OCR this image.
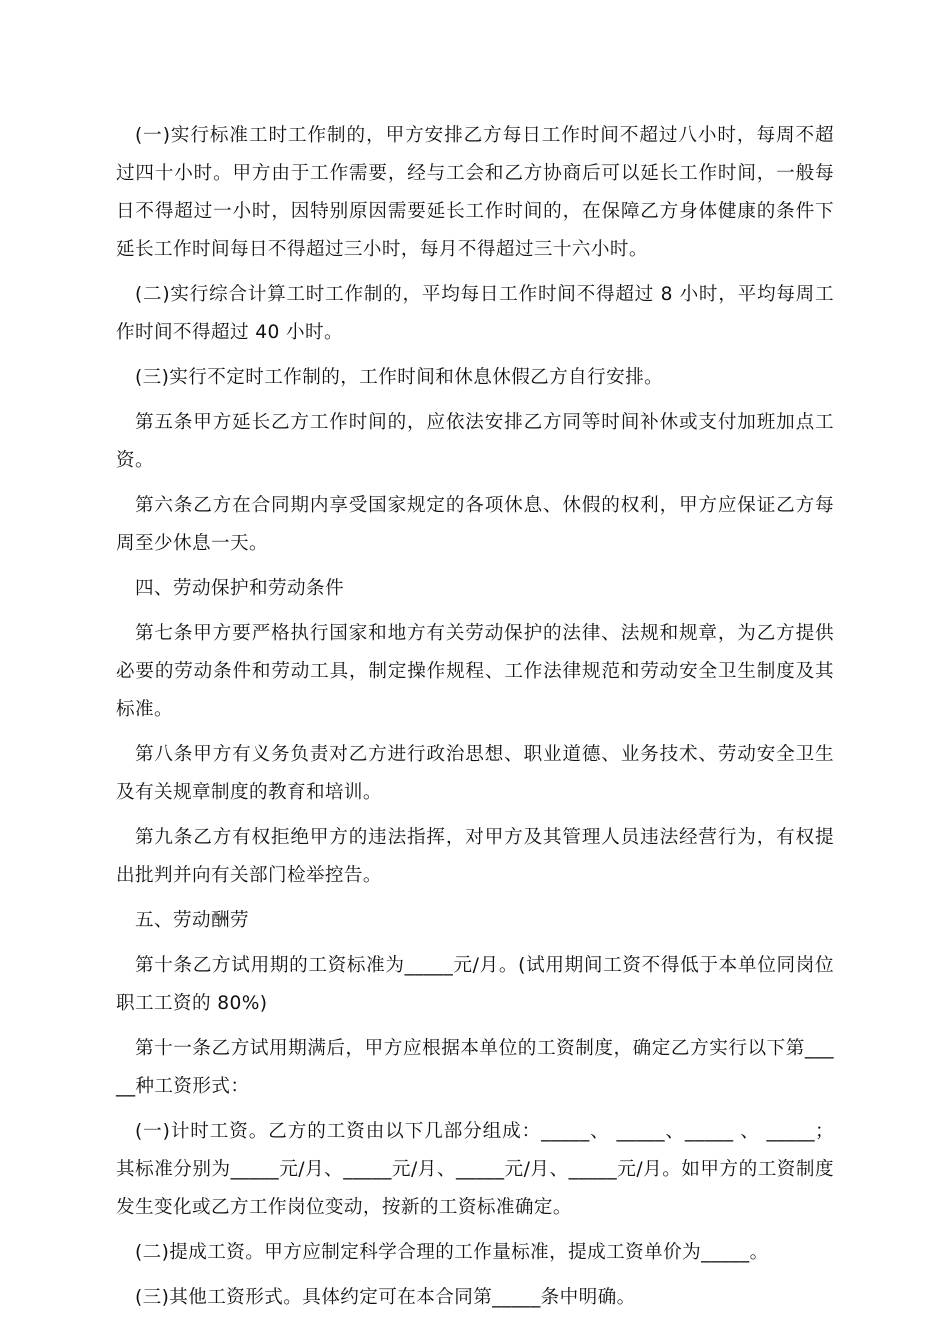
(一)实行标准工时工作制的，甲方安排乙方每日工作时间不超过八小时，每周不超过四十小时。甲方由于工作需要，经与工会和乙方协商后可以延长工作时间，一般每日不得超过一小时，因特别原因需要延长工作时间的，在保障乙方身体健康的条件下延长工作时间每日不得超过三小时，每月不得超过三十六小时。

(二)实行综合计算工时工作制的，平均每日工作时间不得超过 8 小时，平均每周工作时间不得超过 40 小时。

(三)实行不定时工作制的，工作时间和休息休假乙方自行安排。

第五条甲方延长乙方工作时间的，应依法安排乙方同等时间补休或支付加班加点工资。

第六条乙方在合同期内享受国家规定的各项休息、休假的权利，甲方应保证乙方每周至少休息一天。

四、劳动保护和劳动条件

第七条甲方要严格执行国家和地方有关劳动保护的法律、法规和规章，为乙方提供必要的劳动条件和劳动工具，制定操作规程、工作法律规范和劳动安全卫生制度及其标准。

第八条甲方有义务负责对乙方进行政治思想、职业道德、业务技术、劳动安全卫生及有关规章制度的教育和培训。

第九条乙方有权拒绝甲方的违法指挥，对甲方及其管理人员违法经营行为，有权提出批判并向有关部门检举控告。

五、劳动酬劳

第十条乙方试用期的工资标准为_____元/月。(试用期间工资不得低于本单位同岗位职工工资的 80%)

第十一条乙方试用期满后，甲方应根据本单位的工资制度，确定乙方实行以下第_____种工资形式：

(一)计时工资。乙方的工资由以下几部分组成：_____、 _____、_____ 、 _____；其标准分别为_____元/月、_____元/月、_____元/月、_____元/月。如甲方的工资制度发生变化或乙方工作岗位变动，按新的工资标准确定。

(二)提成工资。甲方应制定科学合理的工作量标准，提成工资单价为_____。

(三)其他工资形式。具体约定可在本合同第_____条中明确。
